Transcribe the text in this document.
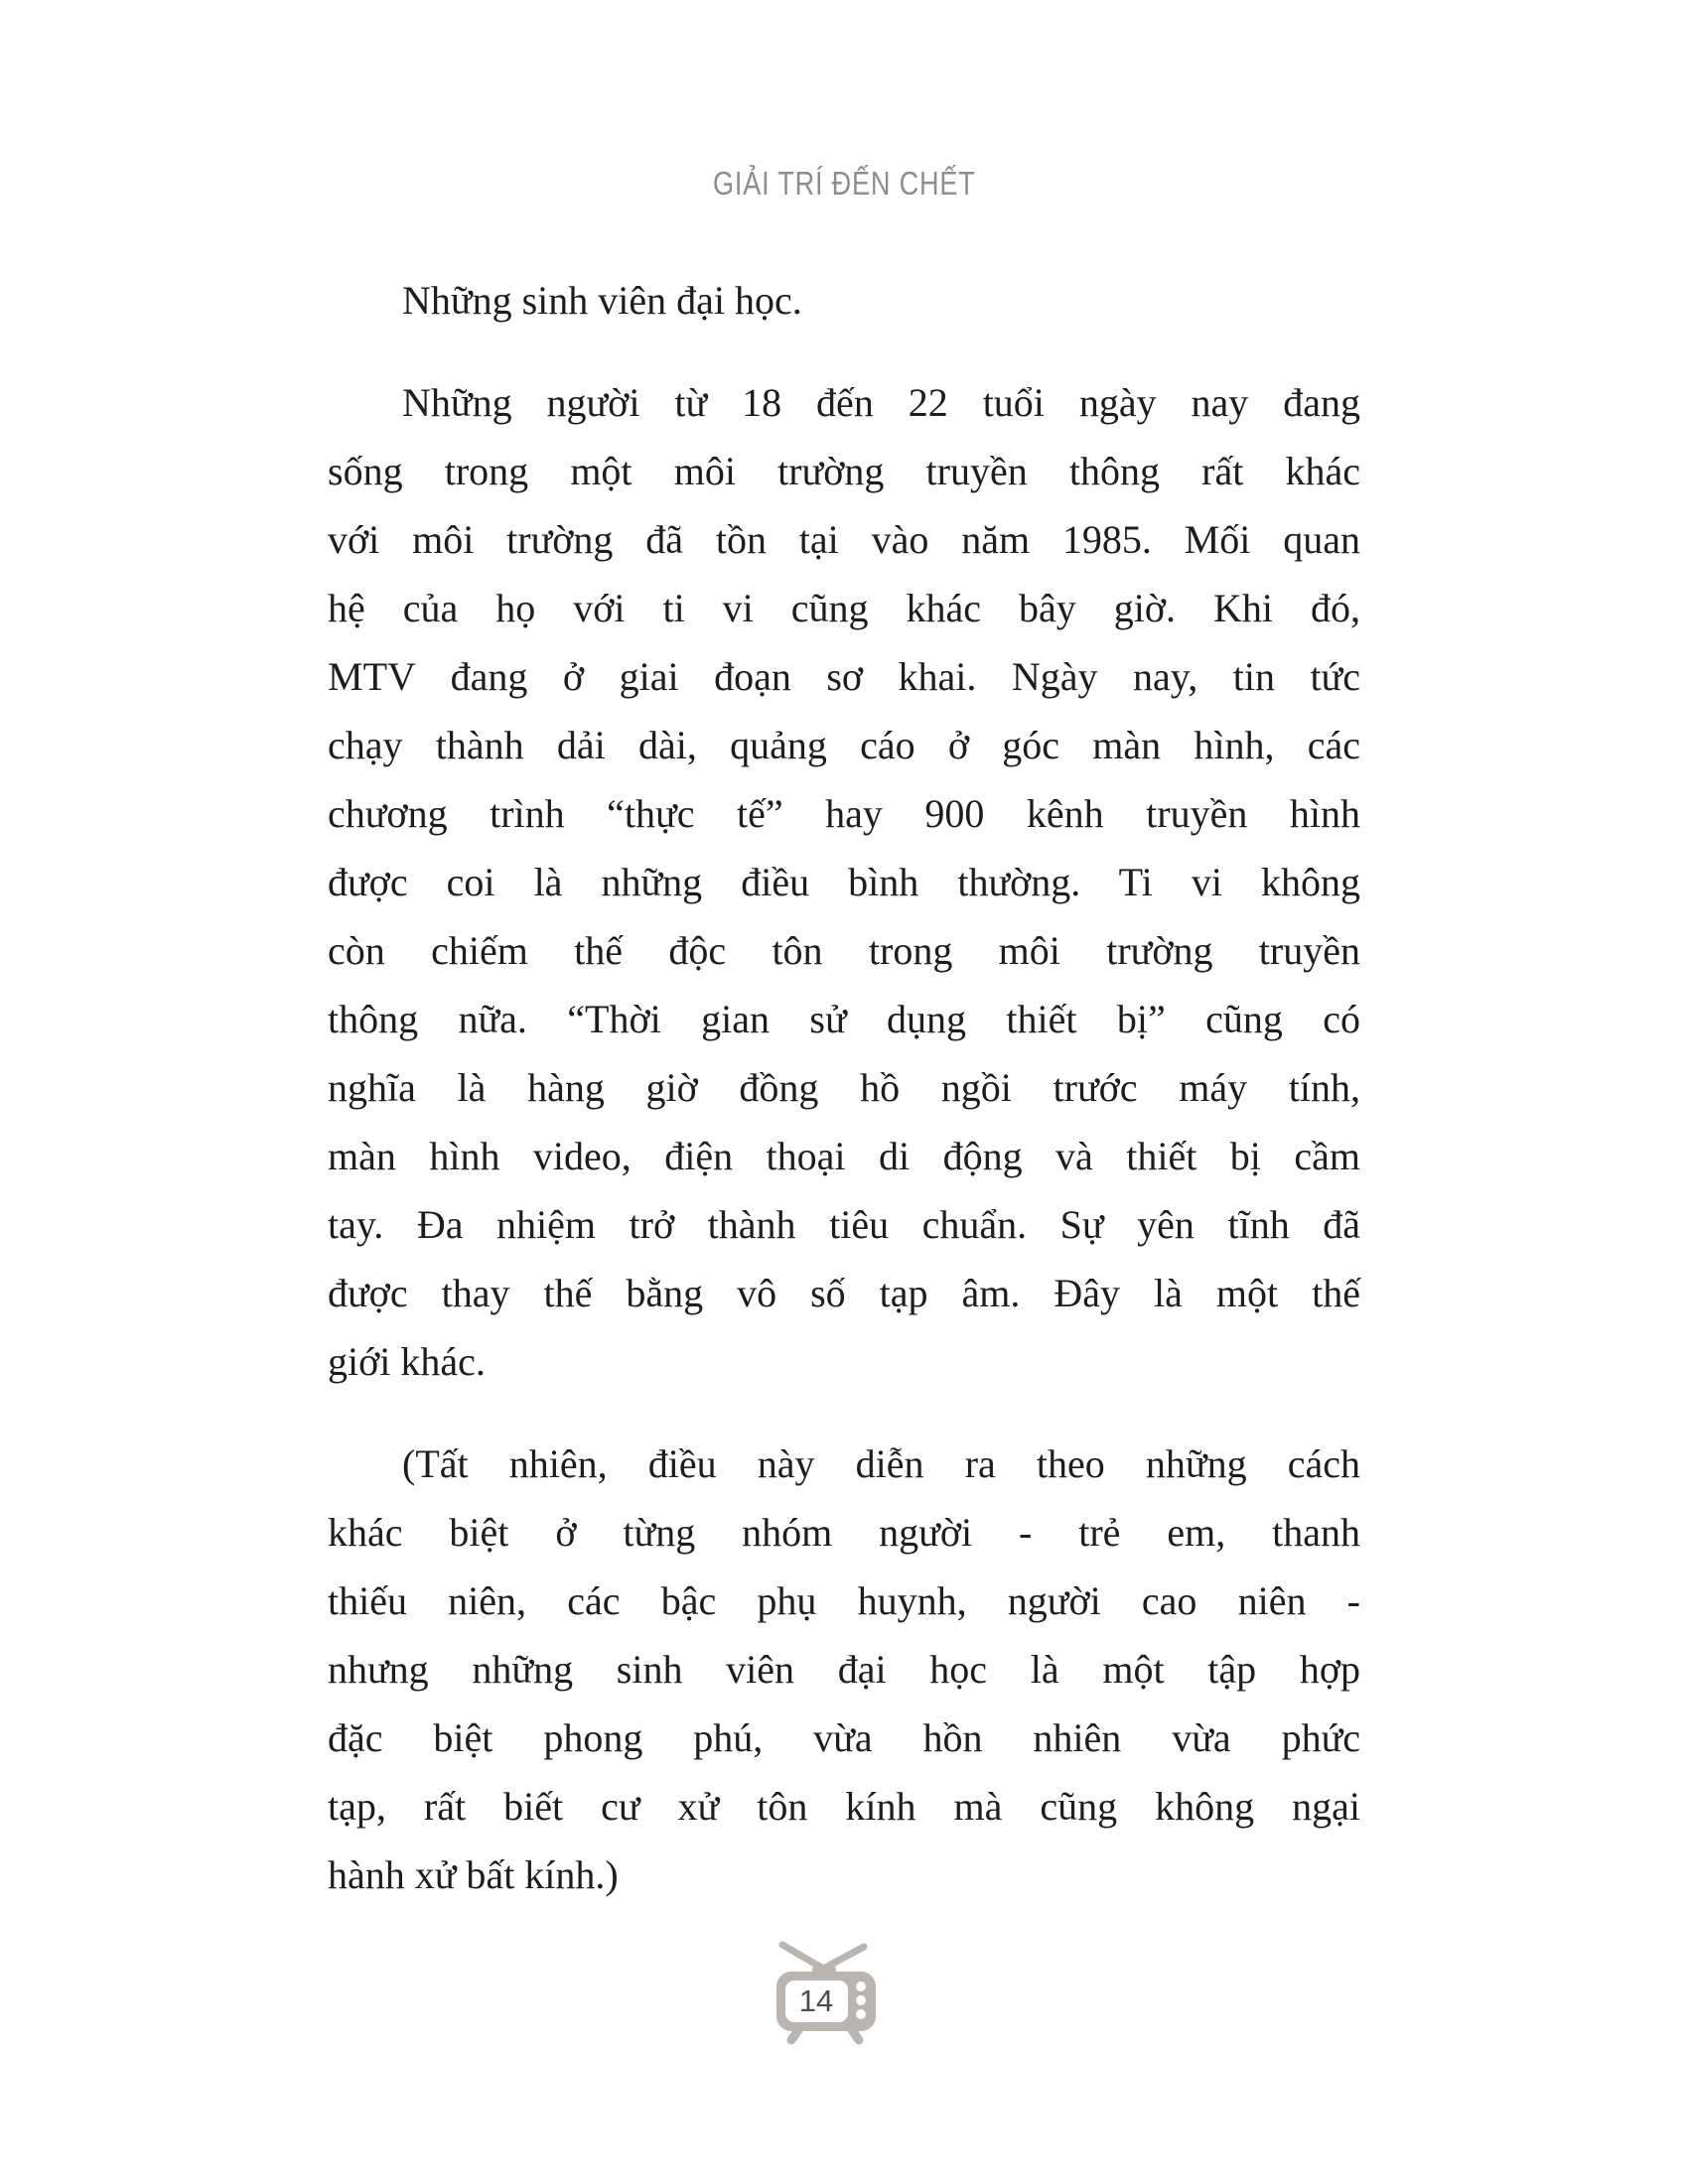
GIẢI TRÍ ĐẾN CHẾT
Những sinh viên đại học.
Những người từ 18 đến 22 tuổi ngày nay đang
sống trong một môi trường truyền thông rất khác
với môi trường đã tồn tại vào năm 1985. Mối quan
hệ của họ với ti vi cũng khác bây giờ. Khi đó,
MTV đang ở giai đoạn sơ khai. Ngày nay, tin tức
chạy thành dải dài, quảng cáo ở góc màn hình, các
chương trình “thực tế” hay 900 kênh truyền hình
được coi là những điều bình thường. Ti vi không
còn chiếm thế độc tôn trong môi trường truyền
thông nữa. “Thời gian sử dụng thiết bị” cũng có
nghĩa là hàng giờ đồng hồ ngồi trước máy tính,
màn hình video, điện thoại di động và thiết bị cầm
tay. Đa nhiệm trở thành tiêu chuẩn. Sự yên tĩnh đã
được thay thế bằng vô số tạp âm. Đây là một thế
giới khác.
(Tất nhiên, điều này diễn ra theo những cách
khác biệt ở từng nhóm người - trẻ em, thanh
thiếu niên, các bậc phụ huynh, người cao niên -
nhưng những sinh viên đại học là một tập hợp
đặc biệt phong phú, vừa hồn nhiên vừa phức
tạp, rất biết cư xử tôn kính mà cũng không ngại
hành xử bất kính.)
14
